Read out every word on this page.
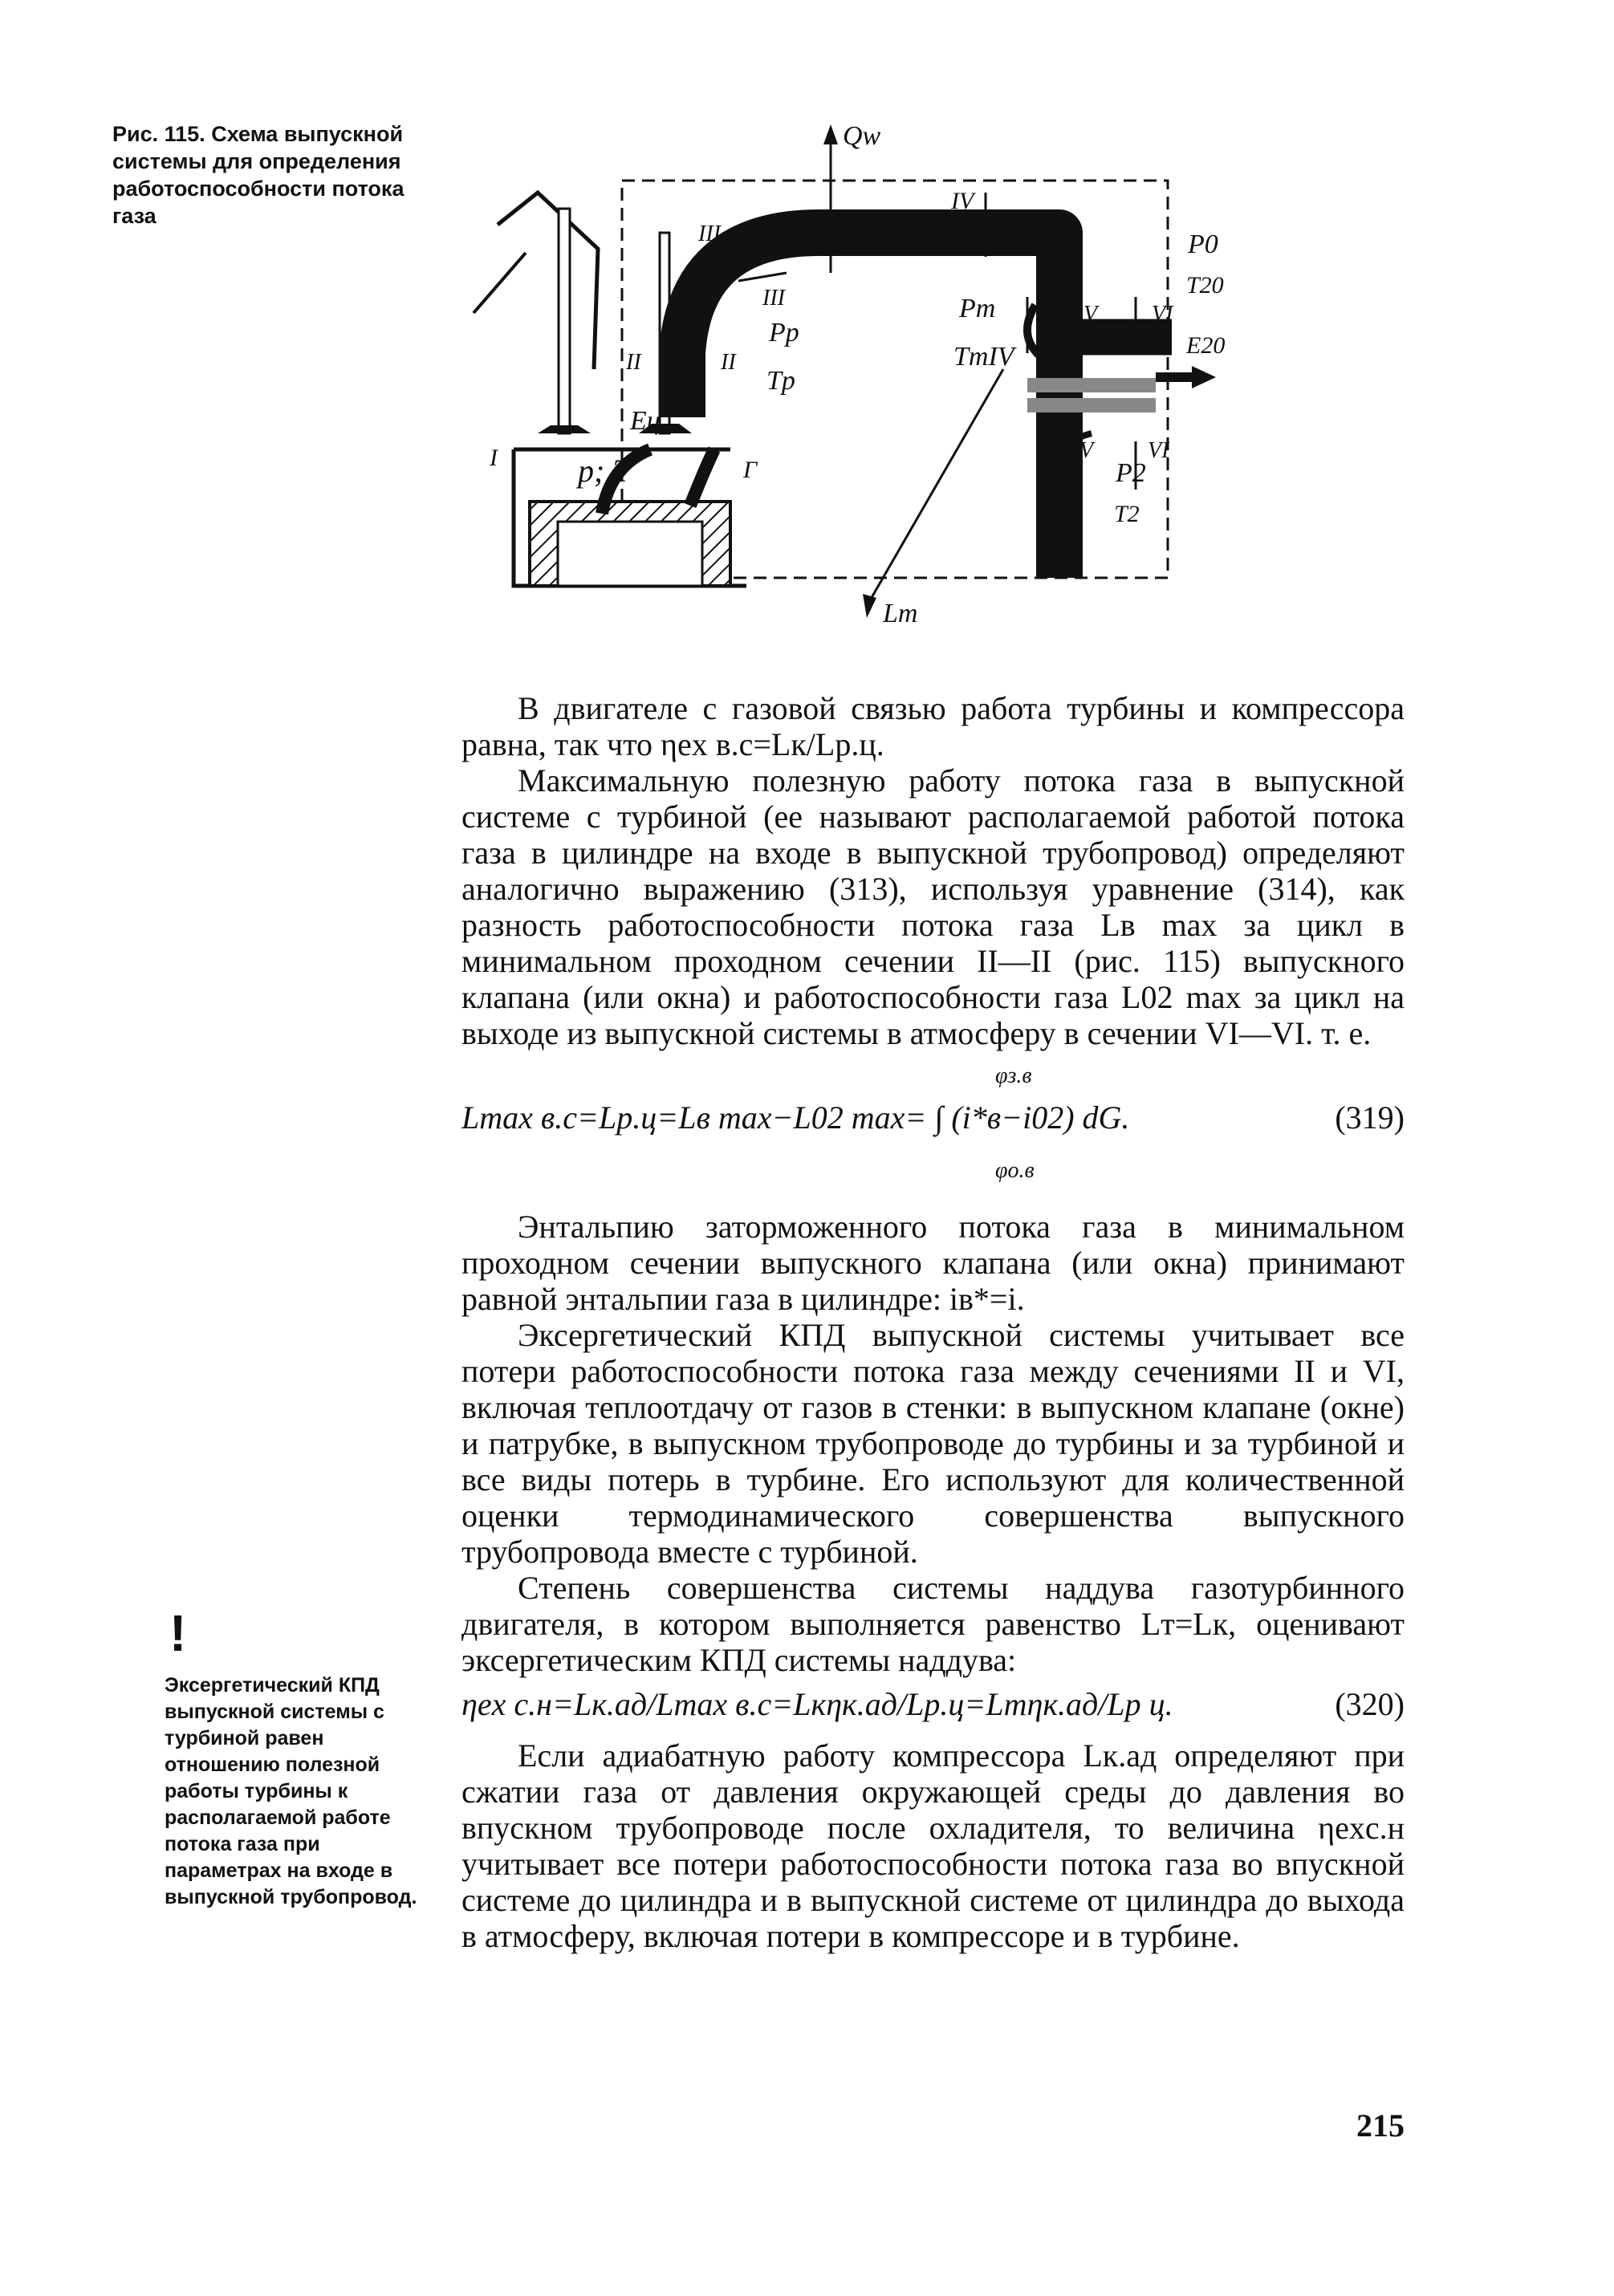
Рис. 115. Схема выпускной системы для определения работоспособности потока газа
Qw
IV
III
III
II	II
Pp
Tp
Pт
TтIV
V
V
VI
VI
P0
T20
E20
Eц
p; T
I	Г	P2
T2
Lт

В двигателе с газовой связью работа турбины и компрессора равна, так что ηex в.с=Lк/Lр.ц.

Максимальную полезную работу потока газа в выпускной системе с турбиной (ее называют располагаемой работой потока газа в цилиндре на входе в выпускной трубопровод) определяют аналогично выражению (313), используя уравнение (314), как разность работоспособности потока газа Lв max за цикл в минимальном проходном сечении II—II (рис. 115) выпускного клапана (или окна) и работоспособности газа L02 max за цикл на выходе из выпускной системы в атмосферу в сечении VI—VI. т. е.

φз.в
Lmax в.с=Lр.ц=Lв max−L02 max= ∫ (i*в−i02) dG.	(319)
φо.в

Энтальпию заторможенного потока газа в минимальном проходном сечении выпускного клапана (или окна) принимают равной энтальпии газа в цилиндре: iв*=i.

Эксергетический КПД выпускной системы учитывает все потери работоспособности потока газа между сечениями II и VI, включая теплоотдачу от газов в стенки: в выпускном клапане (окне) и патрубке, в выпускном трубопроводе до турбины и за турбиной и все виды потерь в турбине. Его используют для количественной оценки термодинамического совершенства выпускного трубопровода вместе с турбиной.

Степень совершенства системы наддува газотурбинного двигателя, в котором выполняется равенство Lт=Lк, оценивают эксергетическим КПД системы наддува:

ηex с.н=Lк.ад/Lmax в.с=Lкηк.ад/Lр.ц=Lтηк.ад/Lр ц.	(320)

Если адиабатную работу компрессора Lк.ад определяют при сжатии газа от давления окружающей среды до давления во впускном трубопроводе после охладителя, то величина ηexс.н учитывает все потери работоспособности потока газа во впускной системе до цилиндра и в выпускной системе от цилиндра до выхода в атмосферу, включая потери в компрессоре и в турбине.

!
Эксергетический КПД выпускной системы с турбиной равен отношению полезной работы турбины к располагаемой работе потока газа при параметрах на входе в выпускной трубопровод.
215
